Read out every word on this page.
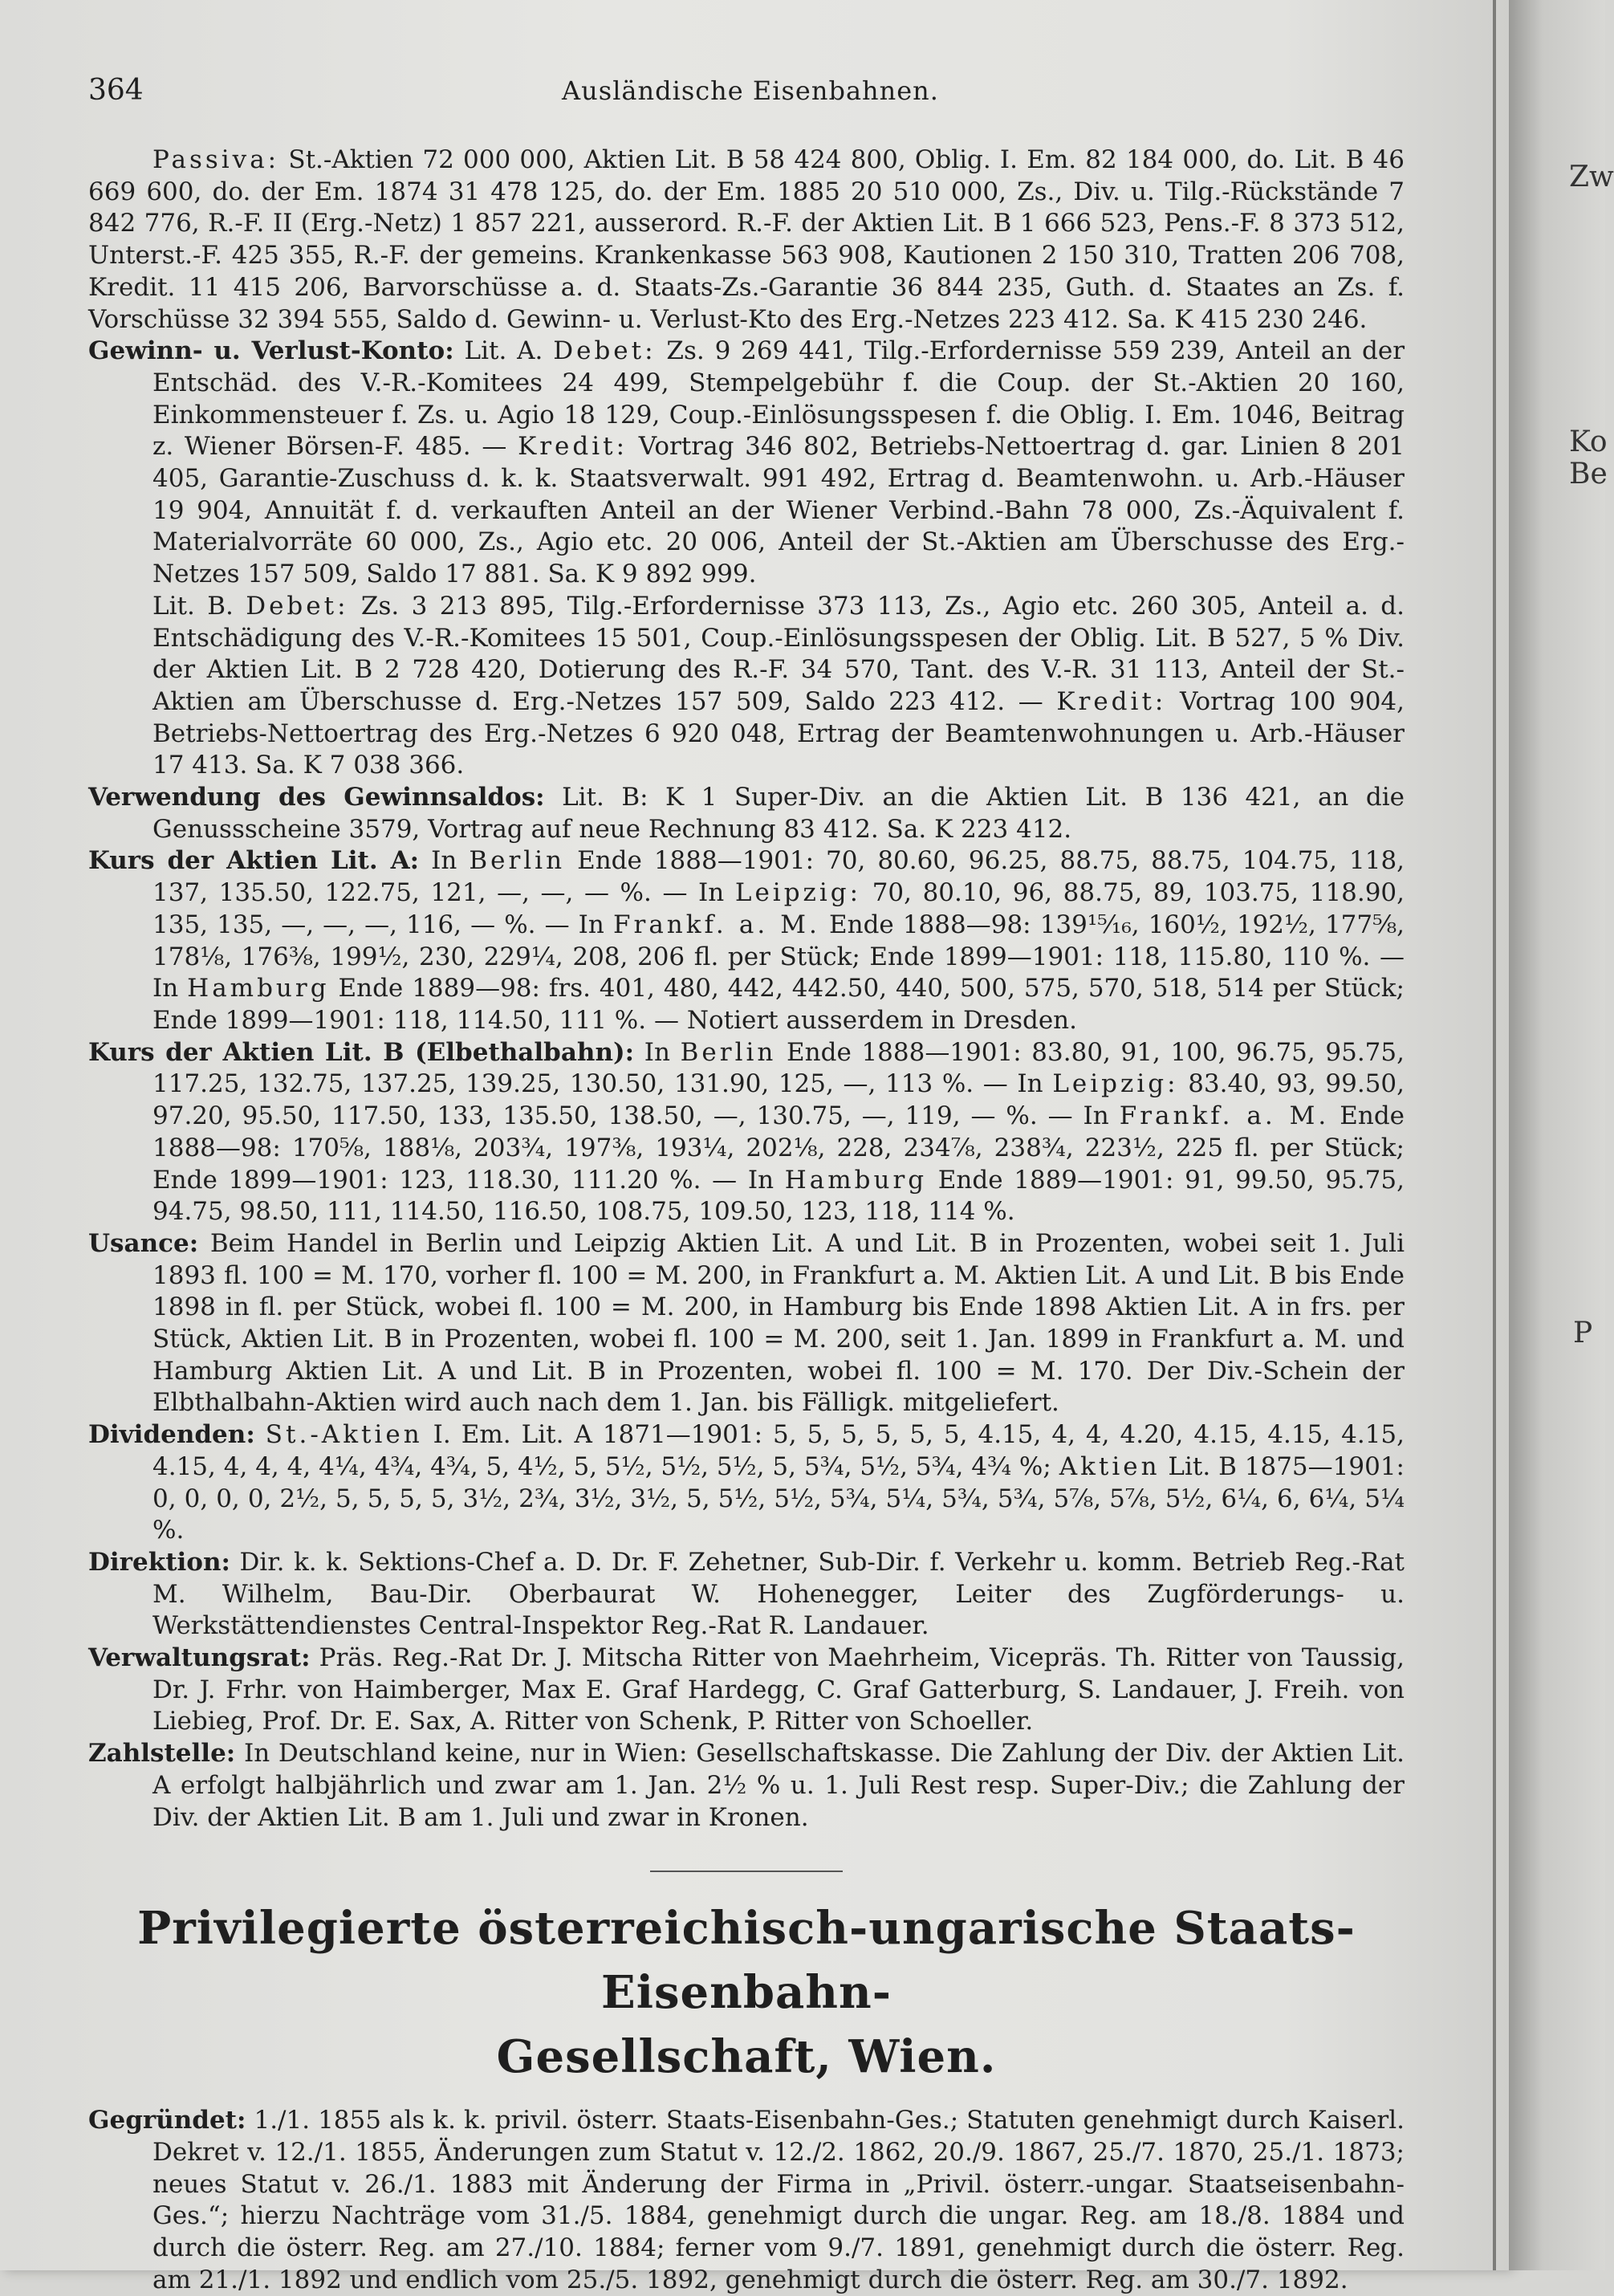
364	Ausländische Eisenbahnen.

Passiva: St.-Aktien 72 000 000, Aktien Lit. B 58 424 800, Oblig. I. Em. 82 184 000, do. Lit. B 46 669 600, do. der Em. 1874 31 478 125, do. der Em. 1885 20 510 000, Zs., Div. u. Tilg.-Rückstände 7 842 776, R.-F. II (Erg.-Netz) 1 857 221, ausserord. R.-F. der Aktien Lit. B 1 666 523, Pens.-F. 8 373 512, Unterst.-F. 425 355, R.-F. der gemeins. Krankenkasse 563 908, Kautionen 2 150 310, Tratten 206 708, Kredit. 11 415 206, Barvorschüsse a. d. Staats-Zs.-Garantie 36 844 235, Guth. d. Staates an Zs. f. Vorschüsse 32 394 555, Saldo d. Gewinn- u. Verlust-Kto des Erg.-Netzes 223 412. Sa. K 415 230 246.

Gewinn- u. Verlust-Konto: Lit. A. Debet: Zs. 9 269 441, Tilg.-Erfordernisse 559 239, Anteil an der Entschäd. des V.-R.-Komitees 24 499, Stempelgebühr f. die Coup. der St.-Aktien 20 160, Einkommensteuer f. Zs. u. Agio 18 129, Coup.-Einlösungsspesen f. die Oblig. I. Em. 1046, Beitrag z. Wiener Börsen-F. 485. — Kredit: Vortrag 346 802, Betriebs-Nettoertrag d. gar. Linien 8 201 405, Garantie-Zuschuss d. k. k. Staatsverwalt. 991 492, Ertrag d. Beamtenwohn. u. Arb.-Häuser 19 904, Annuität f. d. verkauften Anteil an der Wiener Verbind.-Bahn 78 000, Zs.-Äquivalent f. Materialvorräte 60 000, Zs., Agio etc. 20 006, Anteil der St.-Aktien am Überschusse des Erg.-Netzes 157 509, Saldo 17 881. Sa. K 9 892 999.

Lit. B. Debet: Zs. 3 213 895, Tilg.-Erfordernisse 373 113, Zs., Agio etc. 260 305, Anteil a. d. Entschädigung des V.-R.-Komitees 15 501, Coup.-Einlösungsspesen der Oblig. Lit. B 527, 5 % Div. der Aktien Lit. B 2 728 420, Dotierung des R.-F. 34 570, Tant. des V.-R. 31 113, Anteil der St.-Aktien am Überschusse d. Erg.-Netzes 157 509, Saldo 223 412. — Kredit: Vortrag 100 904, Betriebs-Nettoertrag des Erg.-Netzes 6 920 048, Ertrag der Beamtenwohnungen u. Arb.-Häuser 17 413. Sa. K 7 038 366.

Verwendung des Gewinnsaldos: Lit. B: K 1 Super-Div. an die Aktien Lit. B 136 421, an die Genussscheine 3579, Vortrag auf neue Rechnung 83 412. Sa. K 223 412.

Kurs der Aktien Lit. A: In Berlin Ende 1888—1901: 70, 80.60, 96.25, 88.75, 88.75, 104.75, 118, 137, 135.50, 122.75, 121, —, —, — %. — In Leipzig: 70, 80.10, 96, 88.75, 89, 103.75, 118.90, 135, 135, —, —, —, 116, — %. — In Frankf. a. M. Ende 1888—98: 139¹⁵⁄₁₆, 160¹⁄₂, 192¹⁄₂, 177⁵⁄₈, 178¹⁄₈, 176³⁄₈, 199¹⁄₂, 230, 229¹⁄₄, 208, 206 fl. per Stück; Ende 1899—1901: 118, 115.80, 110 %. — In Hamburg Ende 1889—98: frs. 401, 480, 442, 442.50, 440, 500, 575, 570, 518, 514 per Stück; Ende 1899—1901: 118, 114.50, 111 %. — Notiert ausserdem in Dresden.

Kurs der Aktien Lit. B (Elbethalbahn): In Berlin Ende 1888—1901: 83.80, 91, 100, 96.75, 95.75, 117.25, 132.75, 137.25, 139.25, 130.50, 131.90, 125, —, 113 %. — In Leipzig: 83.40, 93, 99.50, 97.20, 95.50, 117.50, 133, 135.50, 138.50, —, 130.75, —, 119, — %. — In Frankf. a. M. Ende 1888—98: 170⁵⁄₈, 188¹⁄₈, 203³⁄₄, 197³⁄₈, 193¹⁄₄, 202¹⁄₈, 228, 234⁷⁄₈, 238³⁄₄, 223¹⁄₂, 225 fl. per Stück; Ende 1899—1901: 123, 118.30, 111.20 %. — In Hamburg Ende 1889—1901: 91, 99.50, 95.75, 94.75, 98.50, 111, 114.50, 116.50, 108.75, 109.50, 123, 118, 114 %.

Usance: Beim Handel in Berlin und Leipzig Aktien Lit. A und Lit. B in Prozenten, wobei seit 1. Juli 1893 fl. 100 = M. 170, vorher fl. 100 = M. 200, in Frankfurt a. M. Aktien Lit. A und Lit. B bis Ende 1898 in fl. per Stück, wobei fl. 100 = M. 200, in Hamburg bis Ende 1898 Aktien Lit. A in frs. per Stück, Aktien Lit. B in Prozenten, wobei fl. 100 = M. 200, seit 1. Jan. 1899 in Frankfurt a. M. und Hamburg Aktien Lit. A und Lit. B in Prozenten, wobei fl. 100 = M. 170. Der Div.-Schein der Elbthalbahn-Aktien wird auch nach dem 1. Jan. bis Fälligk. mitgeliefert.

Dividenden: St.-Aktien I. Em. Lit. A 1871—1901: 5, 5, 5, 5, 5, 5, 4.15, 4, 4, 4.20, 4.15, 4.15, 4.15, 4.15, 4, 4, 4, 4¹⁄₄, 4³⁄₄, 4³⁄₄, 5, 4¹⁄₂, 5, 5¹⁄₂, 5¹⁄₂, 5¹⁄₂, 5, 5³⁄₄, 5¹⁄₂, 5³⁄₄, 4³⁄₄ %; Aktien Lit. B 1875—1901: 0, 0, 0, 0, 2¹⁄₂, 5, 5, 5, 5, 3¹⁄₂, 2³⁄₄, 3¹⁄₂, 3¹⁄₂, 5, 5¹⁄₂, 5¹⁄₂, 5³⁄₄, 5¹⁄₄, 5³⁄₄, 5³⁄₄, 5⁷⁄₈, 5⁷⁄₈, 5¹⁄₂, 6¹⁄₄, 6, 6¹⁄₄, 5¹⁄₄ %.

Direktion: Dir. k. k. Sektions-Chef a. D. Dr. F. Zehetner, Sub-Dir. f. Verkehr u. komm. Betrieb Reg.-Rat M. Wilhelm, Bau-Dir. Oberbaurat W. Hohenegger, Leiter des Zugförderungs- u. Werkstättendienstes Central-Inspektor Reg.-Rat R. Landauer.

Verwaltungsrat: Präs. Reg.-Rat Dr. J. Mitscha Ritter von Maehrheim, Vicepräs. Th. Ritter von Taussig, Dr. J. Frhr. von Haimberger, Max E. Graf Hardegg, C. Graf Gatterburg, S. Landauer, J. Freih. von Liebieg, Prof. Dr. E. Sax, A. Ritter von Schenk, P. Ritter von Schoeller.

Zahlstelle: In Deutschland keine, nur in Wien: Gesellschaftskasse. Die Zahlung der Div. der Aktien Lit. A erfolgt halbjährlich und zwar am 1. Jan. 2¹⁄₂ % u. 1. Juli Rest resp. Super-Div.; die Zahlung der Div. der Aktien Lit. B am 1. Juli und zwar in Kronen.

Privilegierte österreichisch-ungarische Staats-Eisenbahn-
Gesellschaft, Wien.

Gegründet: 1./1. 1855 als k. k. privil. österr. Staats-Eisenbahn-Ges.; Statuten genehmigt durch Kaiserl. Dekret v. 12./1. 1855, Änderungen zum Statut v. 12./2. 1862, 20./9. 1867, 25./7. 1870, 25./1. 1873; neues Statut v. 26./1. 1883 mit Änderung der Firma in „Privil. österr.-ungar. Staatseisenbahn-Ges.“; hierzu Nachträge vom 31./5. 1884, genehmigt durch die ungar. Reg. am 18./8. 1884 und durch die österr. Reg. am 27./10. 1884; ferner vom 9./7. 1891, genehmigt durch die österr. Reg. am 21./1. 1892 und endlich vom 25./5. 1892, genehmigt durch die österr. Reg. am 30./7. 1892.

Zw
Ko
Be
P
